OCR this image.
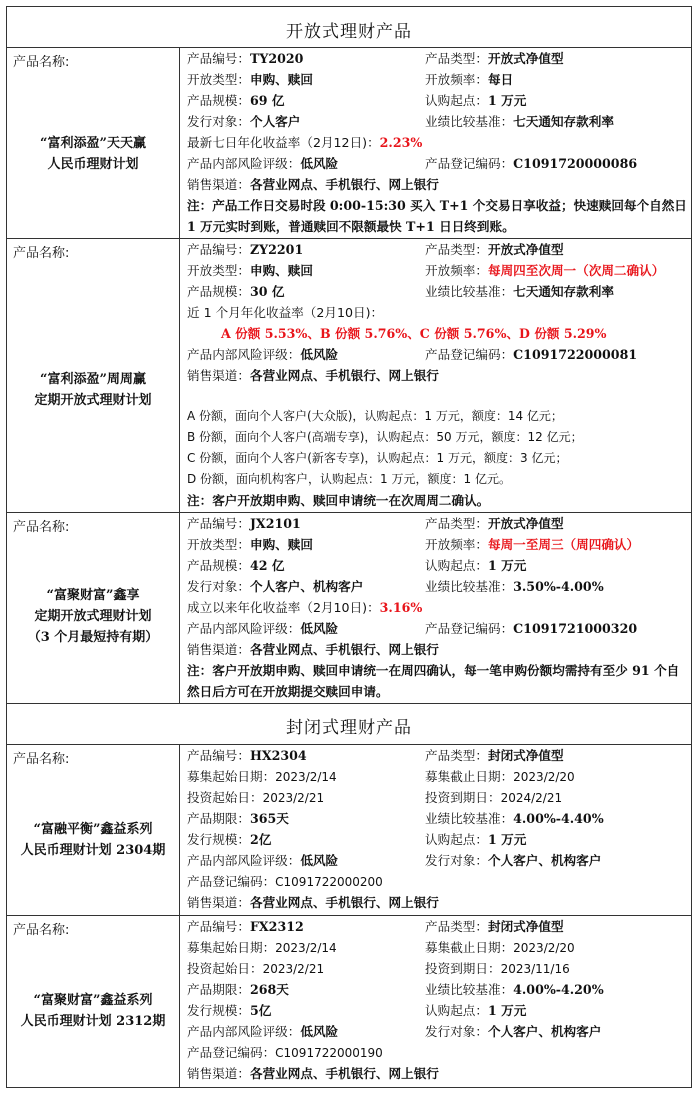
开放式理财产品
产品名称:
“富利添盈”天天赢
人民币理财计划
产品编号：TY2020	产品类型：开放式净值型
开放类型：申购、赎回	开放频率：每日
产品规模：69 亿	认购起点：1 万元
发行对象：个人客户	业绩比较基准：七天通知存款利率
最新七日年化收益率（2月12日)：2.23%
产品内部风险评级：低风险	产品登记编码：C1091720000086
销售渠道：各营业网点、手机银行、网上银行
注：产品工作日交易时段 0:00-15:30 买入 T+1 个交易日享收益；快速赎回每个自然日 1 万元实时到账，普通赎回不限额最快 T+1 日日终到账。
产品名称:
“富利添盈”周周赢
定期开放式理财计划
产品编号：ZY2201	产品类型：开放式净值型
开放类型：申购、赎回	开放频率：每周四至次周一（次周二确认）
产品规模：30 亿	业绩比较基准：七天通知存款利率
近 1 个月年化收益率（2月10日)：
A 份额 5.53%、B 份额 5.76%、C 份额 5.76%、D 份额 5.29%
产品内部风险评级：低风险	产品登记编码：C1091722000081
销售渠道：各营业网点、手机银行、网上银行
A 份额，面向个人客户(大众版)，认购起点：1 万元，额度：14 亿元；
B 份额，面向个人客户(高端专享)，认购起点：50 万元，额度：12 亿元；
C 份额，面向个人客户(新客专享)，认购起点：1 万元，额度：3 亿元；
D 份额，面向机构客户，认购起点：1 万元，额度：1 亿元。
注：客户开放期申购、赎回申请统一在次周周二确认。
产品名称:
“富聚财富”鑫享
定期开放式理财计划
（3 个月最短持有期）
产品编号：JX2101	产品类型：开放式净值型
开放类型：申购、赎回	开放频率：每周一至周三（周四确认）
产品规模：42 亿	认购起点：1 万元
发行对象：个人客户、机构客户	业绩比较基准：3.50%-4.00%
成立以来年化收益率（2月10日)：3.16%
产品内部风险评级：低风险	产品登记编码：C1091721000320
销售渠道：各营业网点、手机银行、网上银行
注：客户开放期申购、赎回申请统一在周四确认，每一笔申购份额均需持有至少 91 个自然日后方可在开放期提交赎回申请。
封闭式理财产品
产品名称:
“富融平衡”鑫益系列
人民币理财计划 2304期
产品编号：HX2304	产品类型：封闭式净值型
募集起始日期：2023/2/14	募集截止日期：2023/2/20
投资起始日：2023/2/21	投资到期日：2024/2/21
产品期限：365天	业绩比较基准：4.00%-4.40%
发行规模：2亿	认购起点：1 万元
产品内部风险评级：低风险	发行对象：个人客户、机构客户
产品登记编码：C1091722000200
销售渠道：各营业网点、手机银行、网上银行
产品名称:
“富聚财富”鑫益系列
人民币理财计划 2312期
产品编号：FX2312	产品类型：封闭式净值型
募集起始日期：2023/2/14	募集截止日期：2023/2/20
投资起始日：2023/2/21	投资到期日：2023/11/16
产品期限：268天	业绩比较基准：4.00%-4.20%
发行规模：5亿	认购起点：1 万元
产品内部风险评级：低风险	发行对象：个人客户、机构客户
产品登记编码：C1091722000190
销售渠道：各营业网点、手机银行、网上银行
